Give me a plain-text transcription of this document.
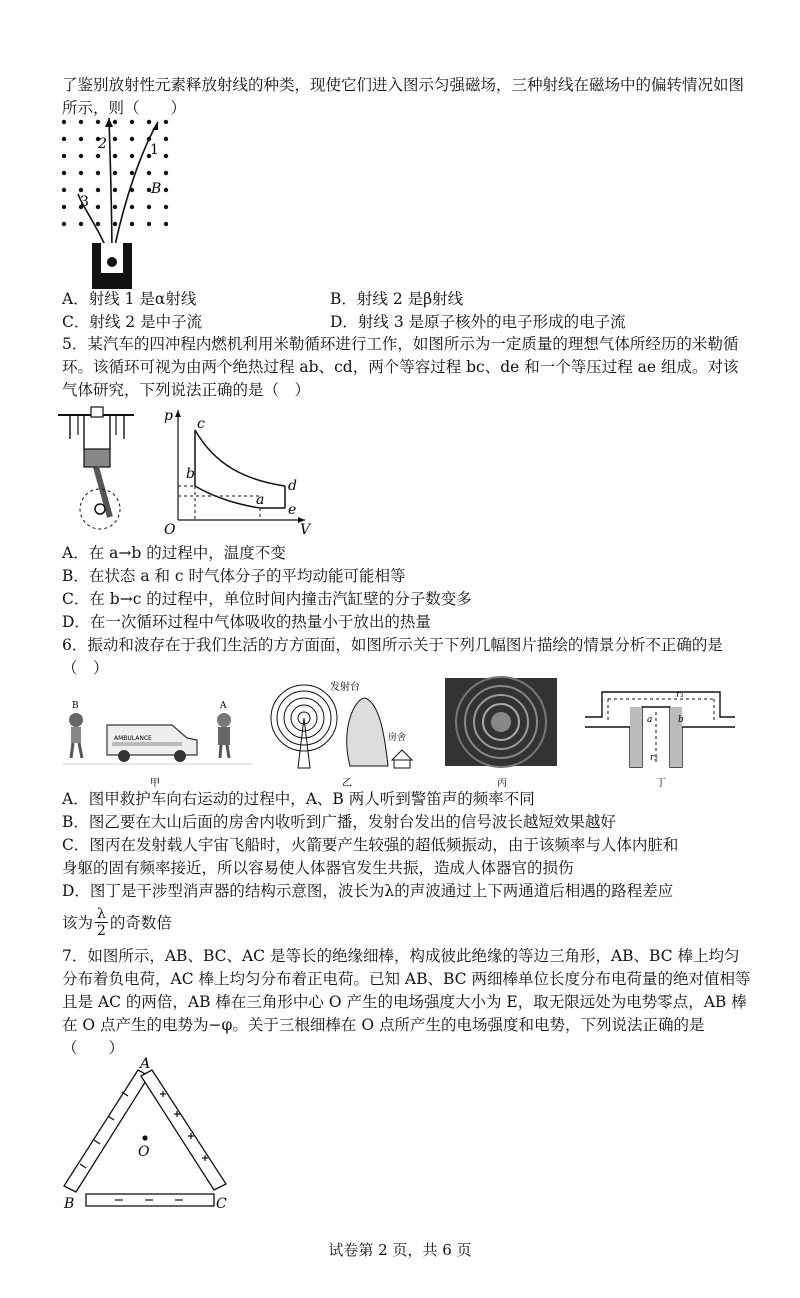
了鉴别放射性元素释放射线的种类，现使它们进入图示匀强磁场，三种射线在磁场中的偏转情况如图所示，则（　　）

2	1
3
B
A．射线 1 是α射线	B．射线 2 是β射线
C．射线 2 是中子流	D．射线 3 是原子核外的电子形成的电子流

5．某汽车的四冲程内燃机利用米勒循环进行工作，如图所示为一定质量的理想气体所经历的米勒循环。该循环可视为由两个绝热过程 ab、cd，两个等容过程 bc、de 和一个等压过程 ae 组成。对该气体研究，下列说法正确的是（　）

p
V
O
c
b
a
d
e
A．在 a→b 的过程中，温度不变
B．在状态 a 和 c 时气体分子的平均动能可能相等
C．在 b→c 的过程中，单位时间内撞击汽缸壁的分子数变多
D．在一次循环过程中气体吸收的热量小于放出的热量

6．振动和波存在于我们生活的方方面面，如图所示关于下列几幅图片描绘的情景分析不正确的是（　）

B	A
AMBULANCE
甲
发射台
房舍
乙	丙
r₁
r₂
a	b
丁
A．图甲救护车向右运动的过程中，A、B 两人听到警笛声的频率不同
B．图乙要在大山后面的房舍内收听到广播，发射台发出的信号波长越短效果越好
C．图丙在发射载人宇宙飞船时，火箭要产生较强的超低频振动，由于该频率与人体内脏和
身躯的固有频率接近，所以容易使人体器官发生共振，造成人体器官的损伤
D．图丁是干涉型消声器的结构示意图，波长为λ的声波通过上下两通道后相遇的路程差应
该为 $\frac{\lambda}{2}$ 的奇数倍

7．如图所示，AB、BC、AC 是等长的绝缘细棒，构成彼此绝缘的等边三角形，AB、BC 棒上均匀分布着负电荷，AC 棒上均匀分布着正电荷。已知 AB、BC 两细棒单位长度分布电荷量的绝对值相等且是 AC 的两倍，AB 棒在三角形中心 O 产生的电场强度大小为 E，取无限远处为电势零点，AB 棒在 O 点产生的电势为−φ。关于三根细棒在 O 点所产生的电场强度和电势，下列说法正确的是（　　）

O
A
B	C
试卷第 2 页，共 6 页
